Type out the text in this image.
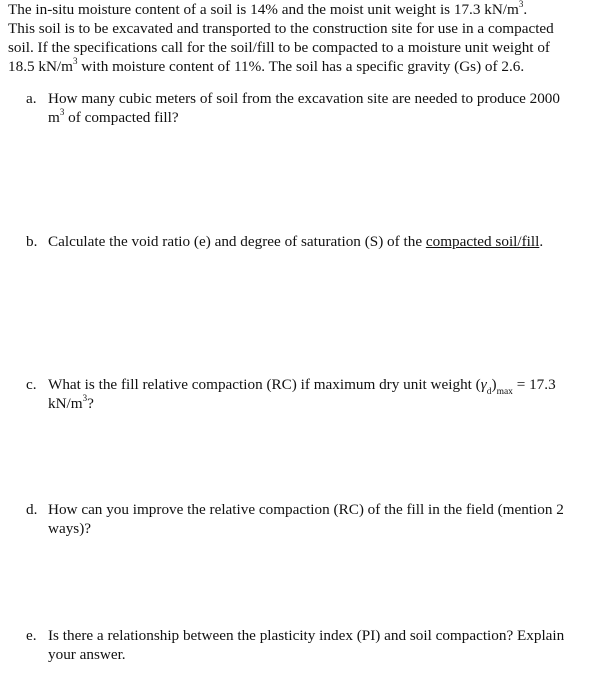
The in-situ moisture content of a soil is 14% and the moist unit weight is 17.3 $kN/m^3$.

This soil is to be excavated and transported to the construction site for use in a compacted

soil. If the specifications call for the soil/fill to be compacted to a moisture unit weight of

18.5 $kN/m^3$ with moisture content of 11%. The soil has a specific gravity (Gs) of 2.6.

a. How many cubic meters of soil from the excavation site are needed to produce 2000

$m^3$ of compacted fill?

b. Calculate the void ratio (e) and degree of saturation (S) of the compacted soil/fill.

c. What is the fill relative compaction (RC) if maximum dry unit weight $(\gamma_d)_{max} = 17.3$

$kN/m^3$?

d. How can you improve the relative compaction (RC) of the fill in the field (mention 2

ways)?

e. Is there a relationship between the plasticity index (PI) and soil compaction? Explain

your answer.
